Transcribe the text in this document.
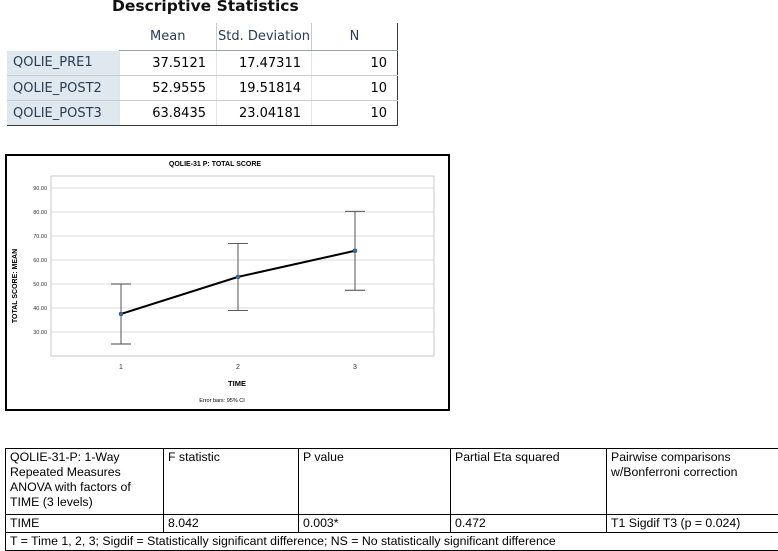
Descriptive Statistics
	Mean	Std. Deviation	N
QOLIE_PRE1	37.5121	17.47311	10
QOLIE_POST2	52.9555	19.51814	10
QOLIE_POST3	63.8435	23.04181	10
30.00
40.00
50.00
60.00
70.00
80.00
90.00
1	2	3
QOLIE-31 P: TOTAL SCORE
TIME
TOTAL SCORE: MEAN
Error bars: 95% CI
QOLIE-31-P: 1-Way Repeated Measures ANOVA with factors of TIME (3 levels)	F statistic	P value	Partial Eta squared	Pairwise comparisons w/Bonferroni correction
TIME	8.042	0.003*	0.472	T1 Sigdif T3 (p = 0.024)
T = Time 1, 2, 3; Sigdif = Statistically significant difference; NS = No statistically significant difference				
